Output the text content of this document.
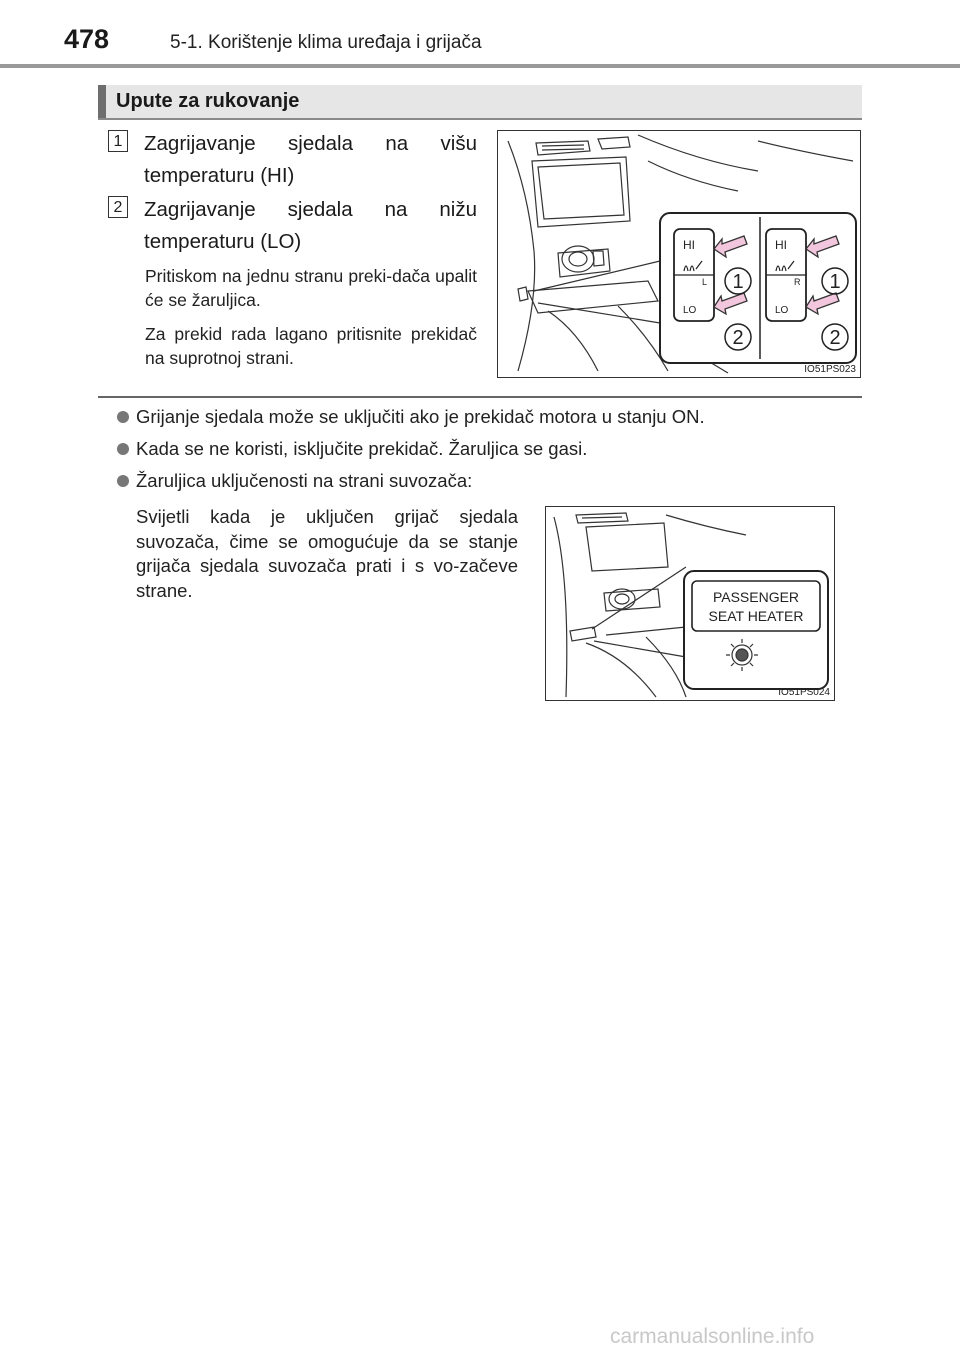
478	5-1. Korištenje klima uređaja i grijača
Upute za rukovanje
1 Zagrijavanje sjedala na višu temperaturu (HI)
2 Zagrijavanje sjedala na nižu temperaturu (LO)
Pritiskom na jednu stranu preki-dača upalit će se žaruljica.
Za prekid rada lagano pritisnite prekidač na suprotnoj strani.
HI
LO
L
HI
LO
R
1
2
1
2
IO51PS023
Grijanje sjedala može se uključiti ako je prekidač motora u stanju ON.
Kada se ne koristi, isključite prekidač. Žaruljica se gasi.
Žaruljica uključenosti na strani suvozača:
Svijetli kada je uključen grijač sjedala suvozača, čime se omogućuje da se stanje grijača sjedala suvozača prati i s vo-začeve strane.	PASSENGER
SEAT HEATER
IO51PS024
carmanualsonline.info
